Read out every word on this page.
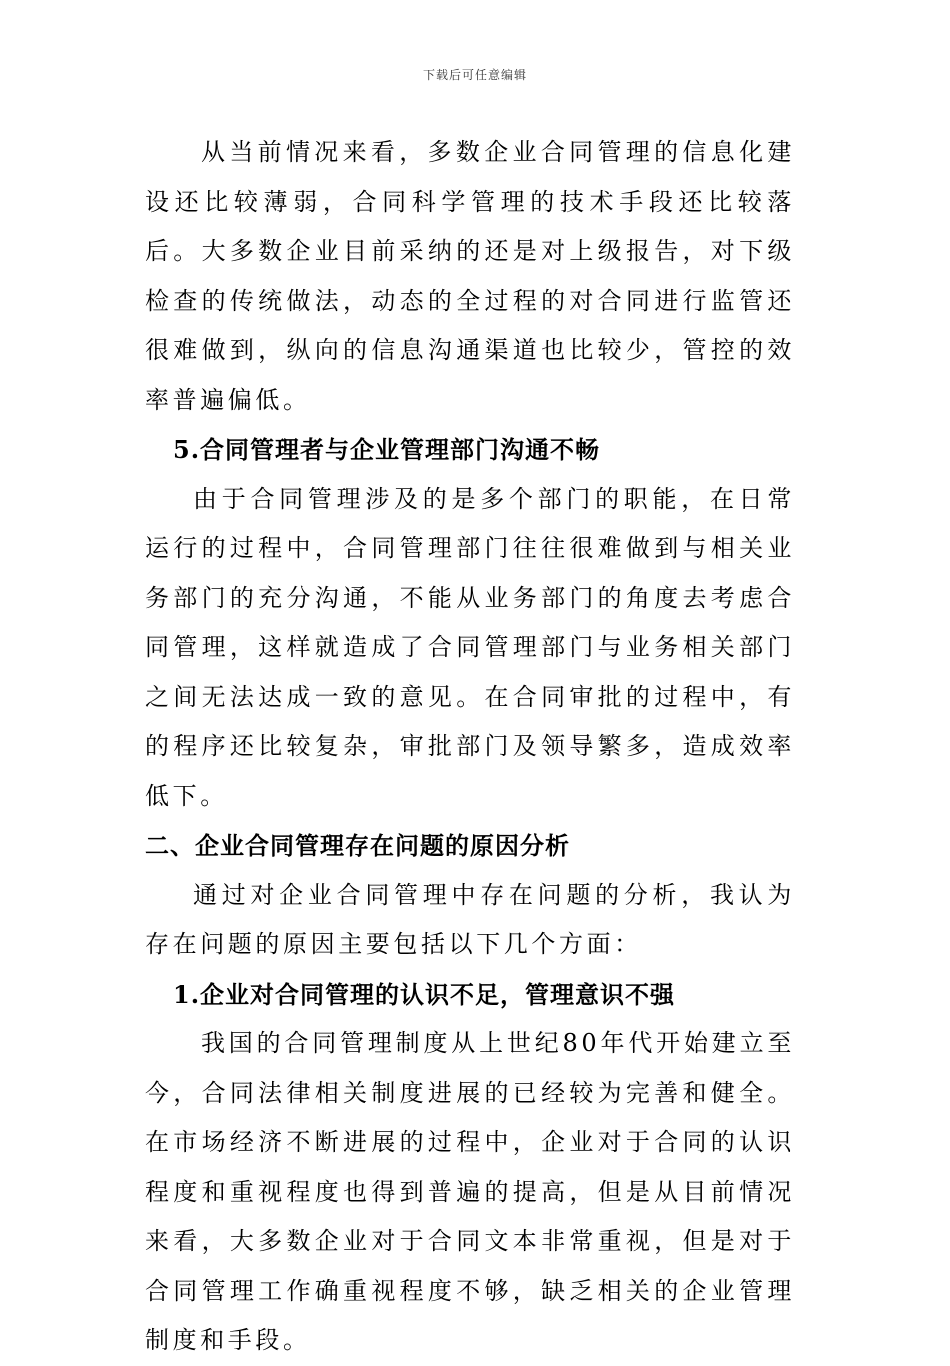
下载后可任意编辑

从当前情况来看，多数企业合同管理的信息化建设还比较薄弱，合同科学管理的技术手段还比较落后。大多数企业目前采纳的还是对上级报告，对下级检查的传统做法，动态的全过程的对合同进行监管还很难做到，纵向的信息沟通渠道也比较少，管控的效率普遍偏低。

5.合同管理者与企业管理部门沟通不畅

由于合同管理涉及的是多个部门的职能，在日常运行的过程中，合同管理部门往往很难做到与相关业务部门的充分沟通，不能从业务部门的角度去考虑合同管理，这样就造成了合同管理部门与业务相关部门之间无法达成一致的意见。在合同审批的过程中，有的程序还比较复杂，审批部门及领导繁多，造成效率低下。

二、企业合同管理存在问题的原因分析

通过对企业合同管理中存在问题的分析，我认为存在问题的原因主要包括以下几个方面：

1.企业对合同管理的认识不足，管理意识不强

我国的合同管理制度从上世纪80年代开始建立至今，合同法律相关制度进展的已经较为完善和健全。在市场经济不断进展的过程中，企业对于合同的认识程度和重视程度也得到普遍的提高，但是从目前情况来看，大多数企业对于合同文本非常重视，但是对于合同管理工作确重视程度不够，缺乏相关的企业管理制度和手段。
